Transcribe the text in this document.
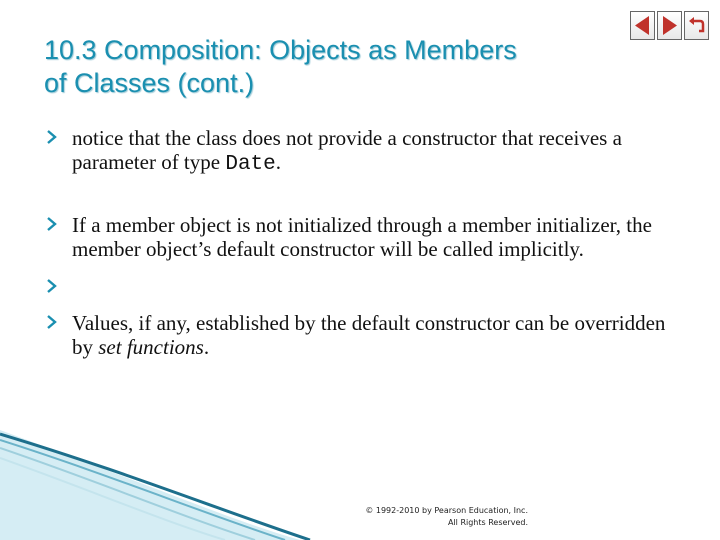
10.3 Composition: Objects as Members
of Classes (cont.)
notice that the class does not provide a constructor that receives a parameter of type Date.
If a member object is not initialized through a member initializer, the member object’s default constructor will be called implicitly.
Values, if any, established by the default constructor can be overridden by set functions.
© 1992-2010 by Pearson Education, Inc.
All Rights Reserved.
